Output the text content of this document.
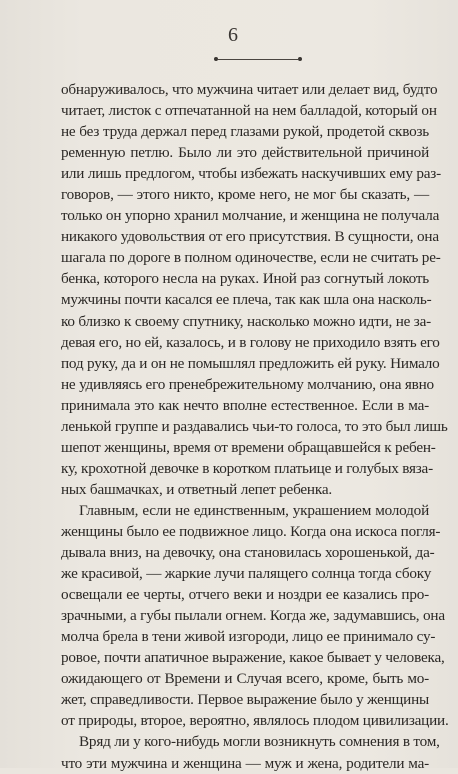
6
обнаруживалось, что мужчина читает или делает вид, будто
читает, листок с отпечатанной на нем балладой, который он
не без труда держал перед глазами рукой, продетой сквозь
ременную петлю. Было ли это действительной причиной
или лишь предлогом, чтобы избежать наскучивших ему раз-
говоров, — этого никто, кроме него, не мог бы сказать, —
только он упорно хранил молчание, и женщина не получала
никакого удовольствия от его присутствия. В сущности, она
шагала по дороге в полном одиночестве, если не считать ре-
бенка, которого несла на руках. Иной раз согнутый локоть
мужчины почти касался ее плеча, так как шла она насколь-
ко близко к своему спутнику, насколько можно идти, не за-
девая его, но ей, казалось, и в голову не приходило взять его
под руку, да и он не помышлял предложить ей руку. Нимало
не удивляясь его пренебрежительному молчанию, она явно
принимала это как нечто вполне естественное. Если в ма-
ленькой группе и раздавались чьи-то голоса, то это был лишь
шепот женщины, время от времени обращавшейся к ребен-
ку, крохотной девочке в коротком платьице и голубых вяза-
ных башмачках, и ответный лепет ребенка.
Главным, если не единственным, украшением молодой
женщины было ее подвижное лицо. Когда она искоса погля-
дывала вниз, на девочку, она становилась хорошенькой, да-
же красивой, — жаркие лучи палящего солнца тогда сбоку
освещали ее черты, отчего веки и ноздри ее казались про-
зрачными, а губы пылали огнем. Когда же, задумавшись, она
молча брела в тени живой изгороди, лицо ее принимало су-
ровое, почти апатичное выражение, какое бывает у человека,
ожидающего от Времени и Случая всего, кроме, быть мо-
жет, справедливости. Первое выражение было у женщины
от природы, второе, вероятно, являлось плодом цивилизации.
Вряд ли у кого-нибудь могли возникнуть сомнения в том,
что эти мужчина и женщина — муж и жена, родители ма-
